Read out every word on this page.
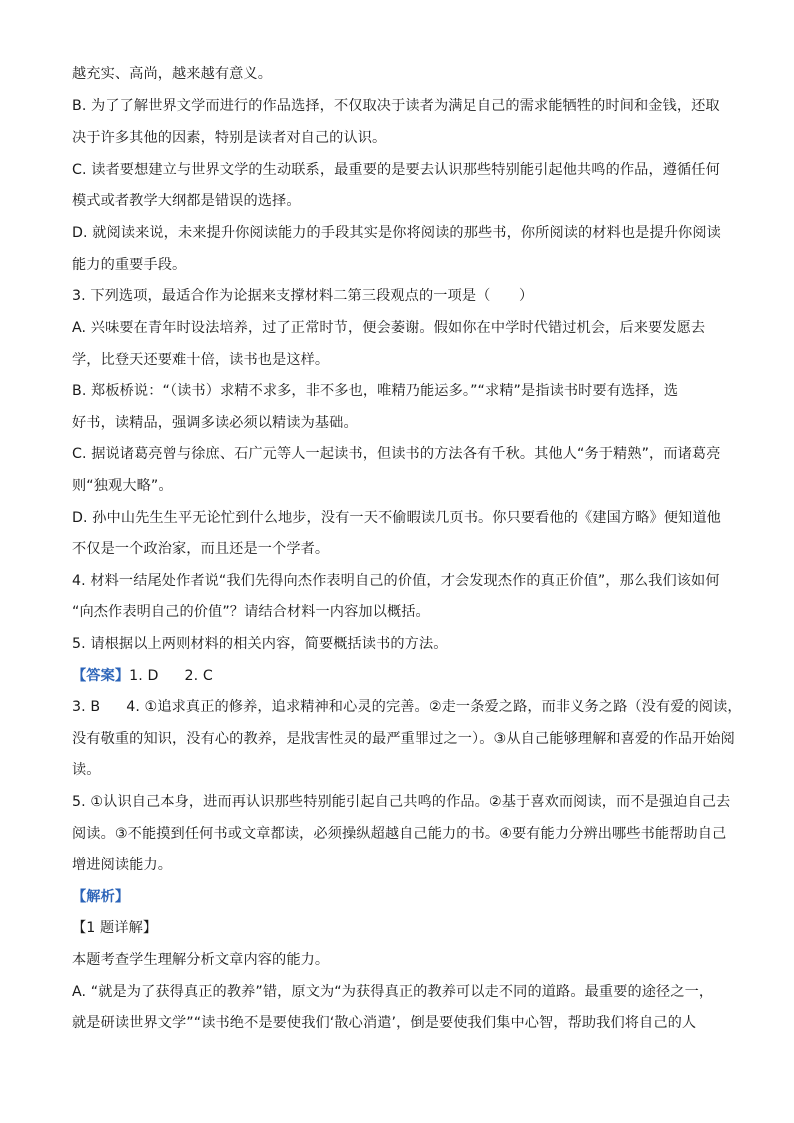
越充实、高尚，越来越有意义。
B. 为了了解世界文学而进行的作品选择，不仅取决于读者为满足自己的需求能牺牲的时间和金钱，还取
决于许多其他的因素，特别是读者对自己的认识。
C. 读者要想建立与世界文学的生动联系，最重要的是要去认识那些特别能引起他共鸣的作品，遵循任何
模式或者教学大纲都是错误的选择。
D. 就阅读来说，未来提升你阅读能力的手段其实是你将阅读的那些书，你所阅读的材料也是提升你阅读
能力的重要手段。
3. 下列选项，最适合作为论据来支撑材料二第三段观点的一项是（　　）
A. 兴味要在青年时设法培养，过了正常时节，便会萎谢。假如你在中学时代错过机会，后来要发愿去
学，比登天还要难十倍，读书也是这样。
B. 郑板桥说：“（读书）求精不求多，非不多也，唯精乃能运多。”“求精”是指读书时要有选择，选
好书，读精品，强调多读必须以精读为基础。
C. 据说诸葛亮曾与徐庶、石广元等人一起读书，但读书的方法各有千秋。其他人“务于精熟”，而诸葛亮
则“独观大略”。
D. 孙中山先生生平无论忙到什么地步，没有一天不偷暇读几页书。你只要看他的《建国方略》便知道他
不仅是一个政治家，而且还是一个学者。
4. 材料一结尾处作者说“我们先得向杰作表明自己的价值，才会发现杰作的真正价值”，那么我们该如何
“向杰作表明自己的价值”？请结合材料一内容加以概括。
5. 请根据以上两则材料的相关内容，简要概括读书的方法。
【答案】1. D 2. C
3. B 4. ①追求真正的修养，追求精神和心灵的完善。②走一条爱之路，而非义务之路（没有爱的阅读，
没有敬重的知识，没有心的教养，是戕害性灵的最严重罪过之一）。③从自己能够理解和喜爱的作品开始阅
读。
5. ①认识自己本身，进而再认识那些特别能引起自己共鸣的作品。②基于喜欢而阅读，而不是强迫自己去
阅读。③不能摸到任何书或文章都读，必须操纵超越自己能力的书。④要有能力分辨出哪些书能帮助自己
增进阅读能力。
【解析】
【1 题详解】
本题考查学生理解分析文章内容的能力。
A. “就是为了获得真正的教养”错，原文为“为获得真正的教养可以走不同的道路。最重要的途径之一，
就是研读世界文学”“读书绝不是要使我们‘散心消遣’，倒是要使我们集中心智，帮助我们将自己的人
